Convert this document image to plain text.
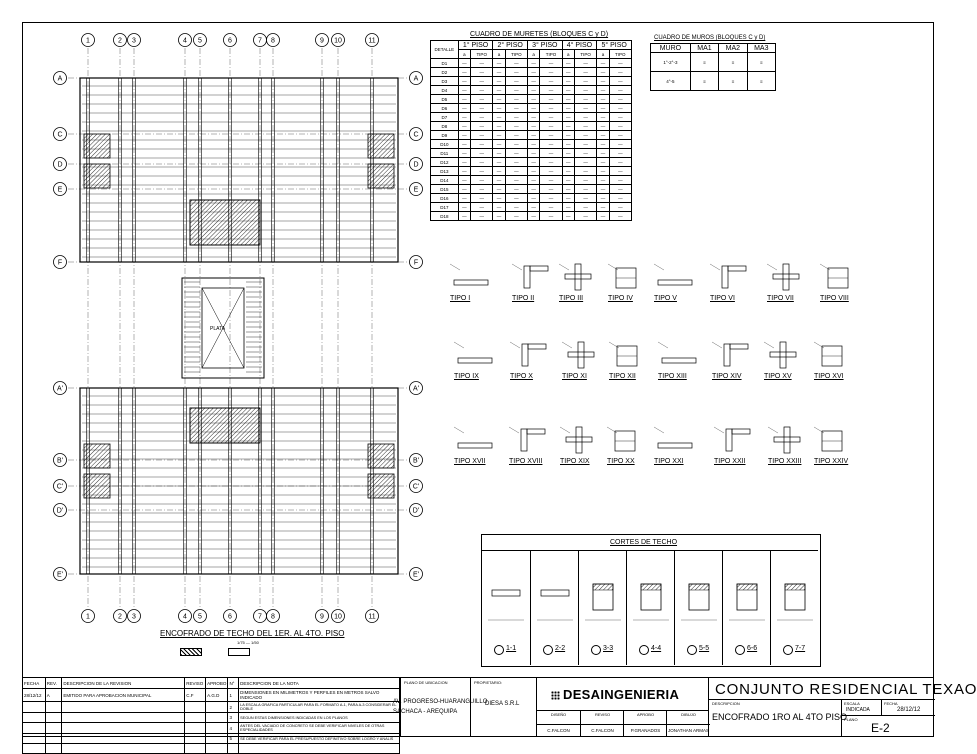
PLATA
1
1
2
2
3
3
4
4
5
5
6
6
7
7
8
8
9
9
10
10
11
11
A	A
C	C
D	D
E	E
F	F
A'	A'
B'	B'
C'	C'
D'	D'
E'	E'
ENCOFRADO DE TECHO DEL 1ER. AL 4TO. PISO
1/75 — 1/50
CUADRO DE MURETES (BLOQUES C y D)
DETALLE	1° PISO		2° PISO		3° PISO		4° PISO		5° PISO	
	a	TIPO	a	TIPO	a	TIPO	a	TIPO	a	TIPO
D1	—	—	—	—	—	—	—	—	—	—
D2	—	—	—	—	—	—	—	—	—	—
D3	—	—	—	—	—	—	—	—	—	—
D4	—	—	—	—	—	—	—	—	—	—
D5	—	—	—	—	—	—	—	—	—	—
D6	—	—	—	—	—	—	—	—	—	—
D7	—	—	—	—	—	—	—	—	—	—
D8	—	—	—	—	—	—	—	—	—	—
D9	—	—	—	—	—	—	—	—	—	—
D10	—	—	—	—	—	—	—	—	—	—
D11	—	—	—	—	—	—	—	—	—	—
D12	—	—	—	—	—	—	—	—	—	—
D13	—	—	—	—	—	—	—	—	—	—
D14	—	—	—	—	—	—	—	—	—	—
D15	—	—	—	—	—	—	—	—	—	—
D16	—	—	—	—	—	—	—	—	—	—
D17	—	—	—	—	—	—	—	—	—	—
D18	—	—	—	—	—	—	—	—	—	—
CUADRO DE MUROS (BLOQUES C y D)
MURO	MA1	MA2	MA3
1°-2°-3	≡	≡	≡
4°-5	≡	≡	≡
TIPO I	TIPO II	TIPO III	TIPO IV	TIPO V	TIPO VI	TIPO VII	TIPO VIII
TIPO IX	TIPO X	TIPO XI	TIPO XII	TIPO XIII	TIPO XIV	TIPO XV	TIPO XVI
TIPO XVII	TIPO XVIII	TIPO XIX TIPO XX	TIPO XXI	TIPO XXII	TIPO XXIII TIPO XXIV
CORTES DE TECHO
1-1	2-2	3-3	4-4	5-5	6-6	7-7
FECHA	REV.	DESCRIPCION DE LA REVISION	REVISO	APROBO	N°	DESCRIPCION DE LA NOTA
28/12/12	A	EMITIDO PARA APROBACION MUNICIPAL	C.F	A.G.D	1	DIMENSIONES EN MILIMETROS Y PERFILES EN METROS SALVO INDICADO
					2	LA ESCALA GRAFICA PARTICULAR PARA EL FORMATO A-1, PARA A-3 CONSIDERAR EL DOBLE
					3	SEGUN ESTAS DIMENSIONES INDICADAS EN LOS PLANOS
					4	ANTES DEL VACIADO DE CONCRETO SE DEBE VERIFICAR NIVELES DE OTRAS ESPECIALIDADES
					5	SE DEBE VERIFICAR PARA EL PRESUPUESTO DEFINITIVO SOBRE LOGRO Y ANALIS

PLANO DE UBICACION
AV. PROGRESO-HUARANGUILLO
SACHACA - AREQUIPA
PROPIETARIO:
DIESA S.R.L
DESAINGENIERIA
DISEÑO
C.FALCON
REVISO
C.FALCON
APROBO
P.GRANADOS
DIBUJO
JONATHAN ARMAS
CONJUNTO RESIDENCIAL TEXAO
DESCRIPCION
ENCOFRADO 1RO AL 4TO PISO
ESCALA
INDICADA
FECHA
28/12/12
PLANO
E-2
